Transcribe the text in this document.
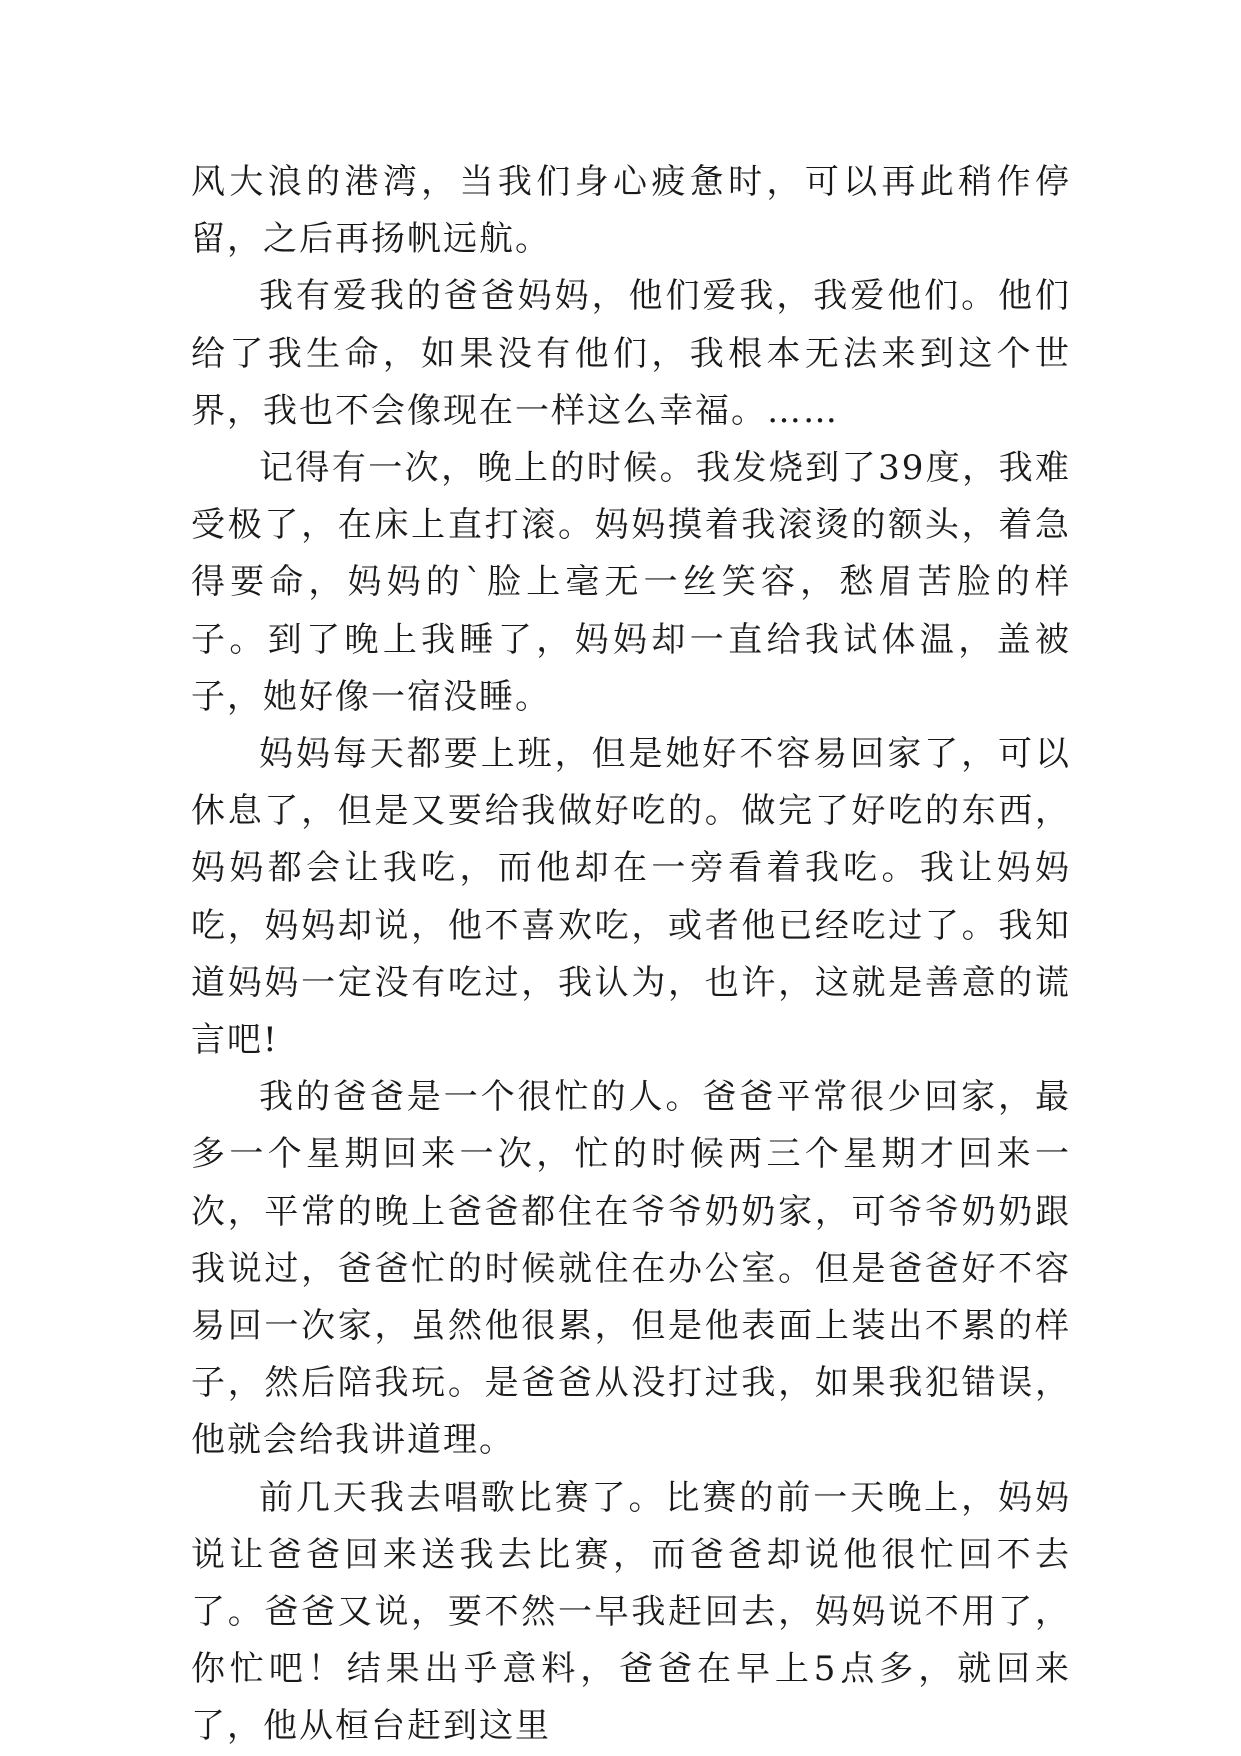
风大浪的港湾，当我们身心疲惫时，可以再此稍作停留，之后再扬帆远航。

我有爱我的爸爸妈妈，他们爱我，我爱他们。他们给了我生命，如果没有他们，我根本无法来到这个世界，我也不会像现在一样这么幸福。……

记得有一次，晚上的时候。我发烧到了39度，我难受极了，在床上直打滚。妈妈摸着我滚烫的额头，着急得要命，妈妈的`脸上毫无一丝笑容，愁眉苦脸的样子。到了晚上我睡了，妈妈却一直给我试体温，盖被子，她好像一宿没睡。

妈妈每天都要上班，但是她好不容易回家了，可以休息了，但是又要给我做好吃的。做完了好吃的东西，妈妈都会让我吃，而他却在一旁看着我吃。我让妈妈吃，妈妈却说，他不喜欢吃，或者他已经吃过了。我知道妈妈一定没有吃过，我认为，也许，这就是善意的谎言吧!

我的爸爸是一个很忙的人。爸爸平常很少回家，最多一个星期回来一次，忙的时候两三个星期才回来一次，平常的晚上爸爸都住在爷爷奶奶家，可爷爷奶奶跟我说过，爸爸忙的时候就住在办公室。但是爸爸好不容易回一次家，虽然他很累，但是他表面上装出不累的样子，然后陪我玩。是爸爸从没打过我，如果我犯错误，他就会给我讲道理。

前几天我去唱歌比赛了。比赛的前一天晚上，妈妈说让爸爸回来送我去比赛，而爸爸却说他很忙回不去了。爸爸又说，要不然一早我赶回去，妈妈说不用了，你忙吧！结果出乎意料，爸爸在早上5点多，就回来了，他从桓台赶到这里
